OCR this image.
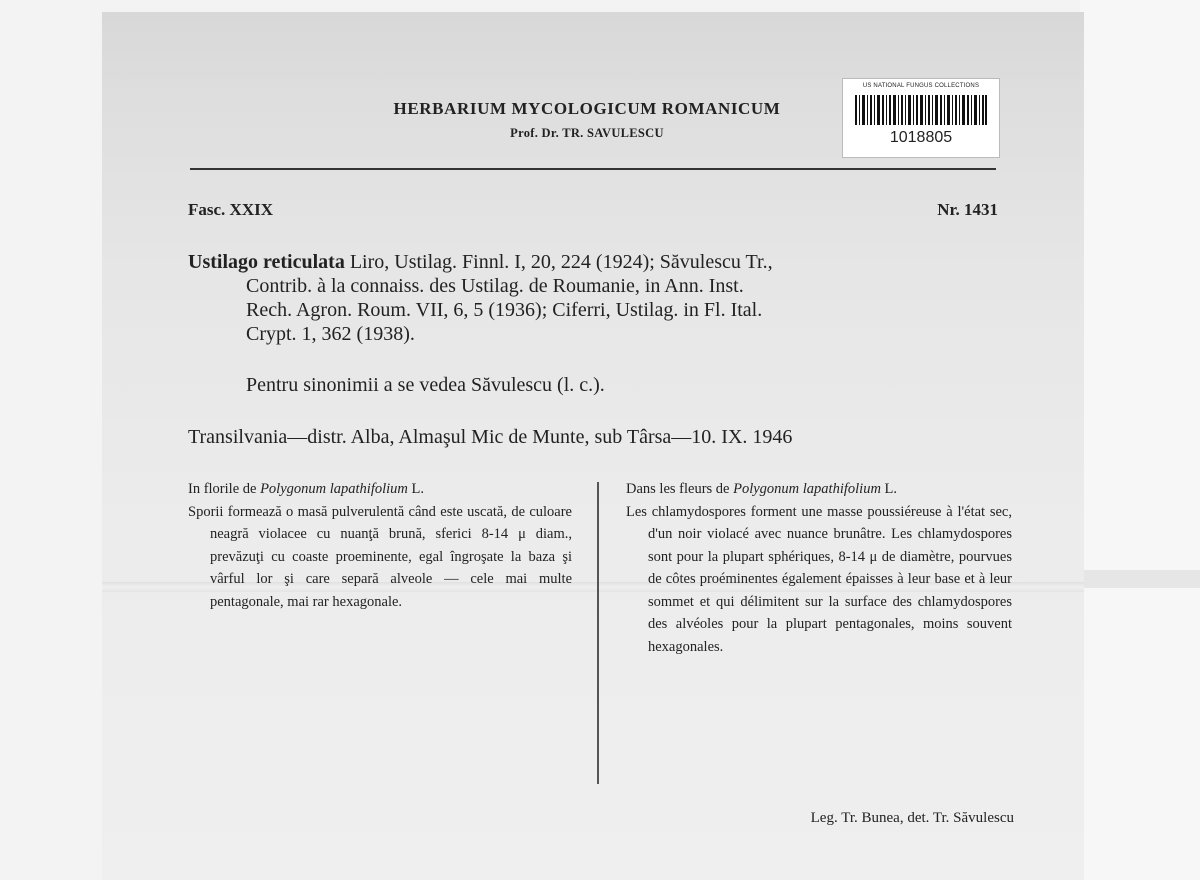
HERBARIUM MYCOLOGICUM ROMANICUM
Prof. Dr. TR. SAVULESCU
US NATIONAL FUNGUS COLLECTIONS
1018805
Fasc. XXIX	Nr. 1431
Ustilago reticulata Liro, Ustilag. Finnl. I, 20, 224 (1924); Săvulescu Tr.,
Contrib. à la connaiss. des Ustilag. de Roumanie, in Ann. Inst.
Rech. Agron. Roum. VII, 6, 5 (1936); Ciferri, Ustilag. in Fl. Ital.
Crypt. 1, 362 (1938).
Pentru sinonimii a se vedea Săvulescu (l. c.).
Transilvania—distr. Alba, Almaşul Mic de Munte, sub Târsa—10. IX. 1946

In florile de Polygonum lapathifolium L.

Sporii formează o masă pulverulentă când este uscată, de culoare neagră violacee cu nuanţă brună, sferici 8-14 μ diam., prevăzuţi cu coaste proeminente, egal îngroşate la baza şi vârful lor şi care separă alveole — cele mai multe pentagonale, mai rar hexagonale.

Dans les fleurs de Polygonum lapathifolium L.

Les chlamydospores forment une masse poussiéreuse à l'état sec, d'un noir violacé avec nuance brunâtre. Les chlamydospores sont pour la plupart sphériques, 8-14 μ de diamètre, pourvues de côtes proéminentes également épaisses à leur base et à leur sommet et qui délimitent sur la surface des chlamydospores des alvéoles pour la plupart pentagonales, moins souvent hexagonales.

Leg. Tr. Bunea, det. Tr. Săvulescu
